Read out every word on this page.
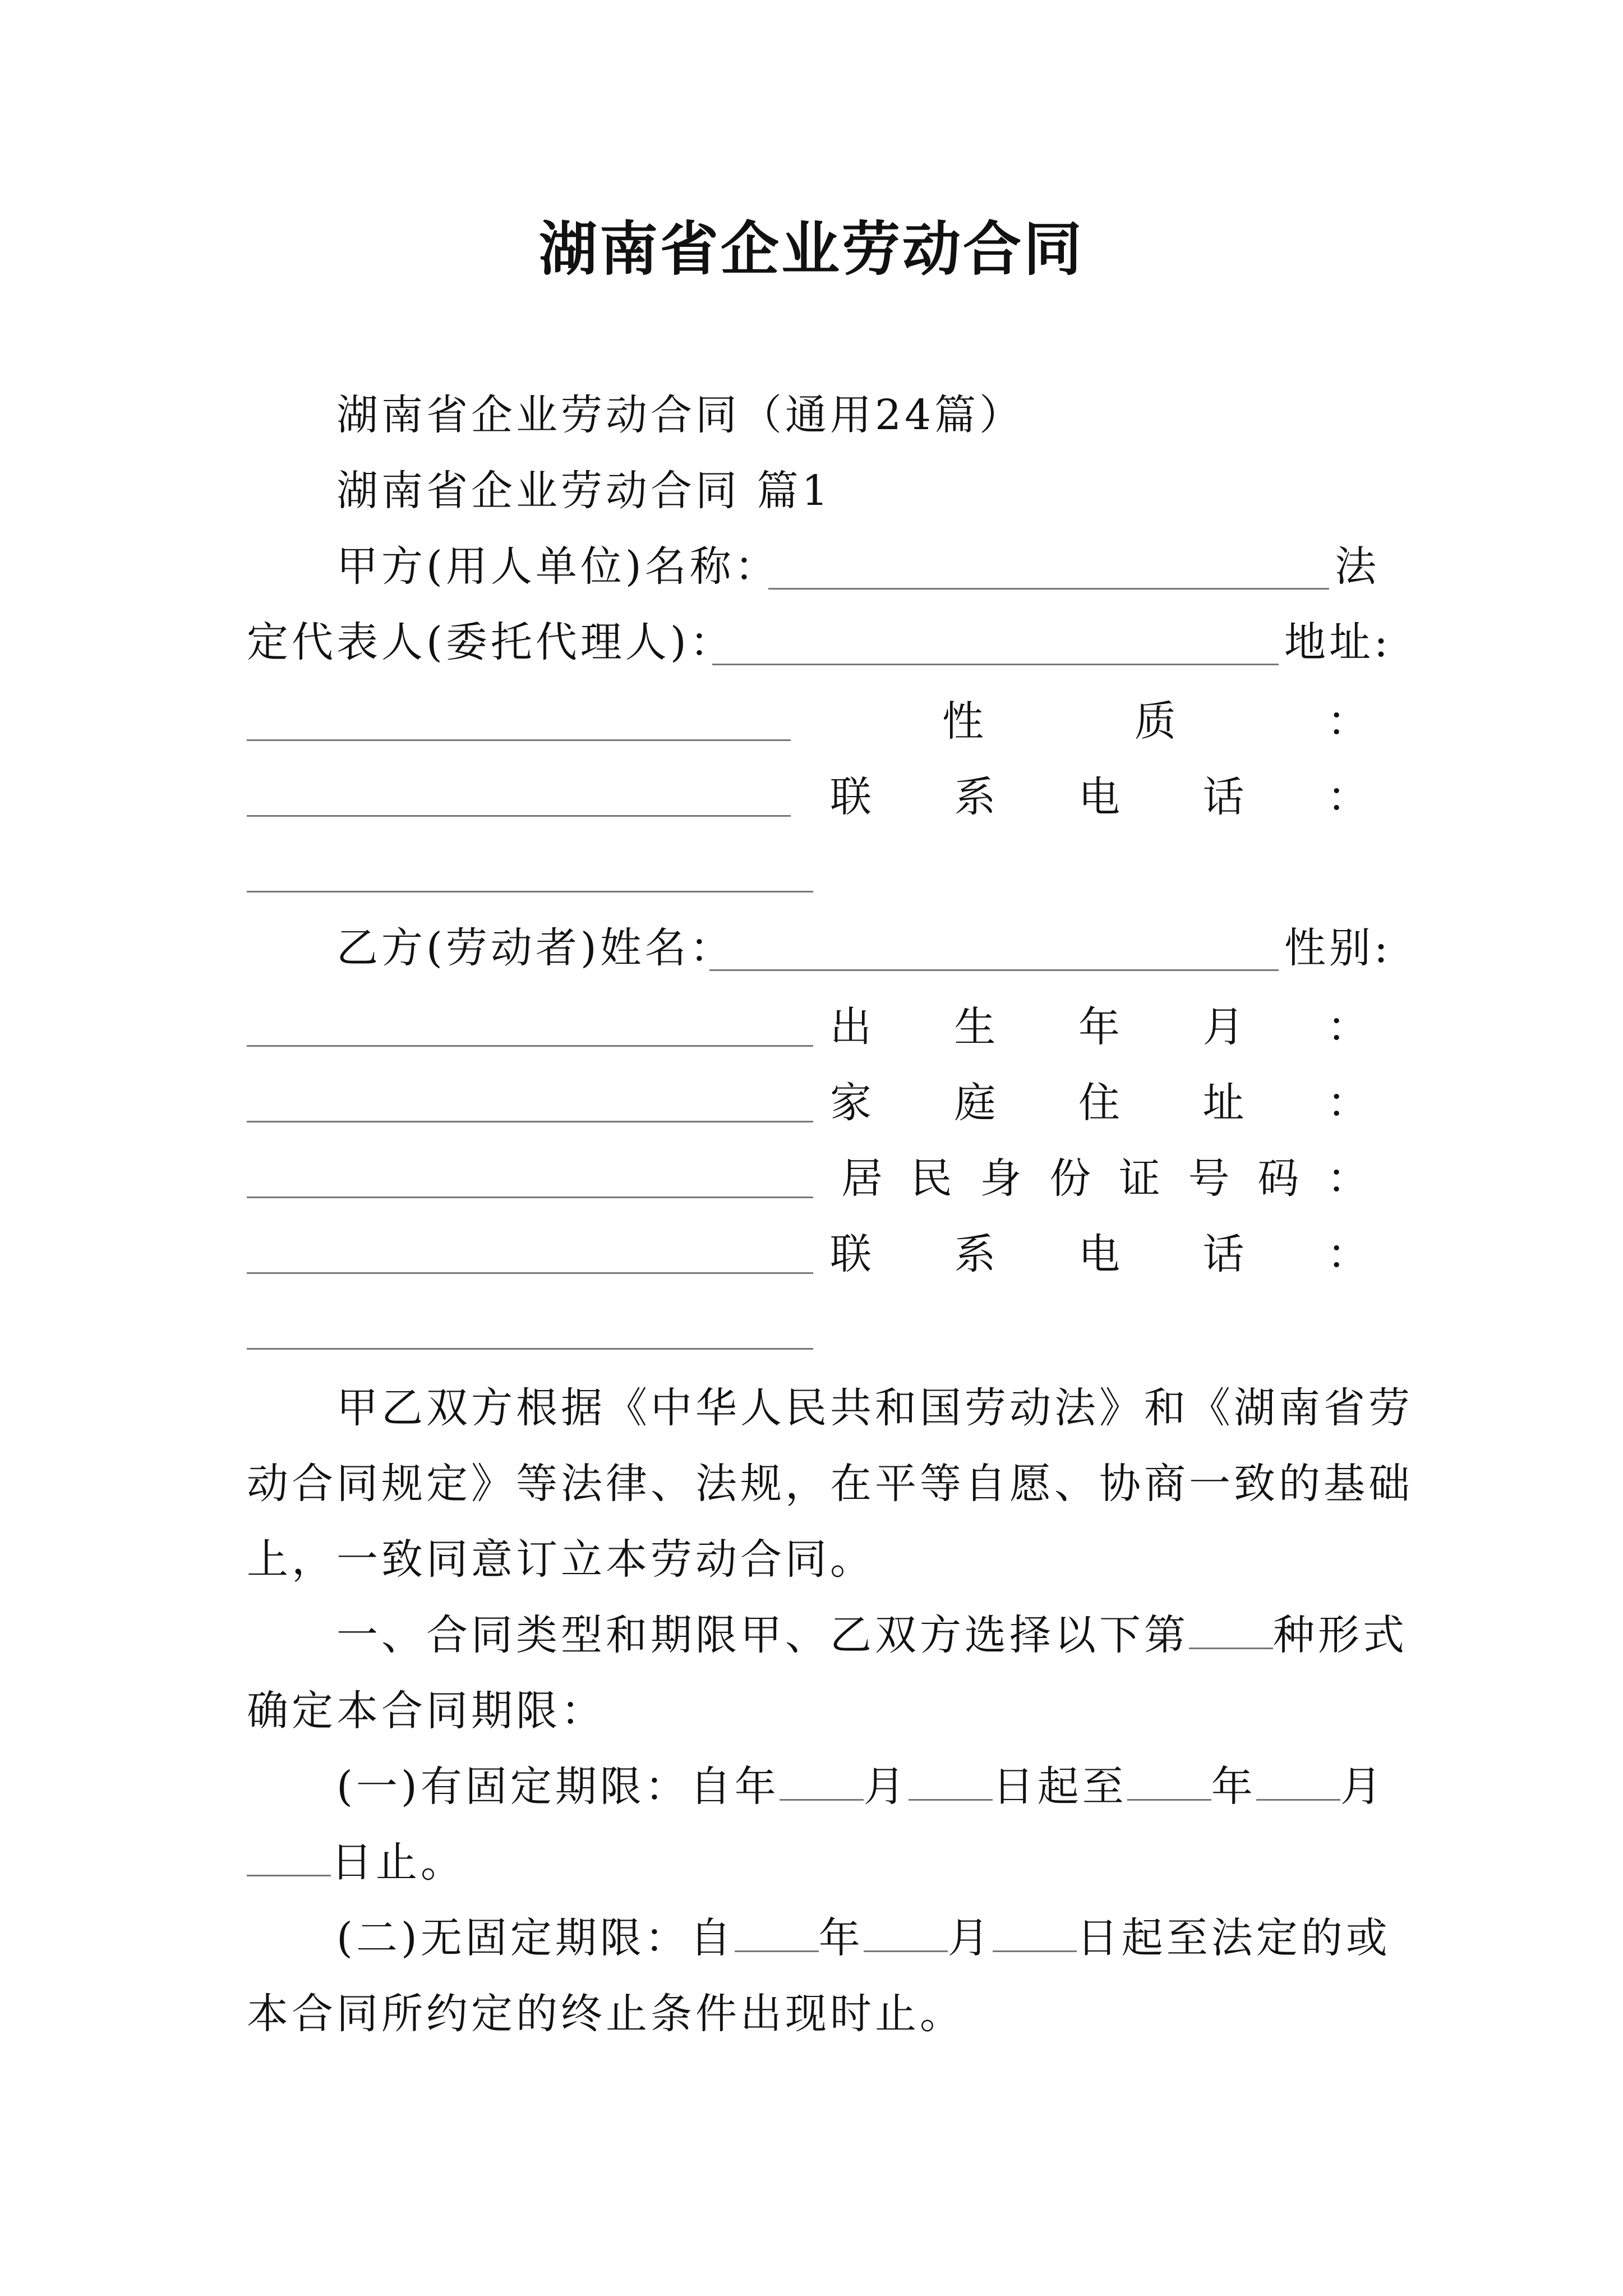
湖南省企业劳动合同
湖南省企业劳动合同（通用24篇）
湖南省企业劳动合同 篇1
甲方(用人单位)名称：	法
定代表人(委托代理人)：	地址:
性	质	：
联 系 电 话 ：
乙方(劳动者)姓名：	性别:
出 生 年 月 ：
家 庭 住 址 ：
居 民 身 份 证 号 码 ：
联 系 电 话 ：
甲乙双方根据《中华人民共和国劳动法》和《湖南省劳
动合同规定》等法律、法规，在平等自愿、协商一致的基础
上，一致同意订立本劳动合同。
一、合同类型和期限甲、乙双方选择以下第 种形式
确定本合同期限：
(一)有固定期限：自年 月 日起至 年 月
日止。
(二)无固定期限：自 年 月 日起至法定的或
本合同所约定的终止条件出现时止。
